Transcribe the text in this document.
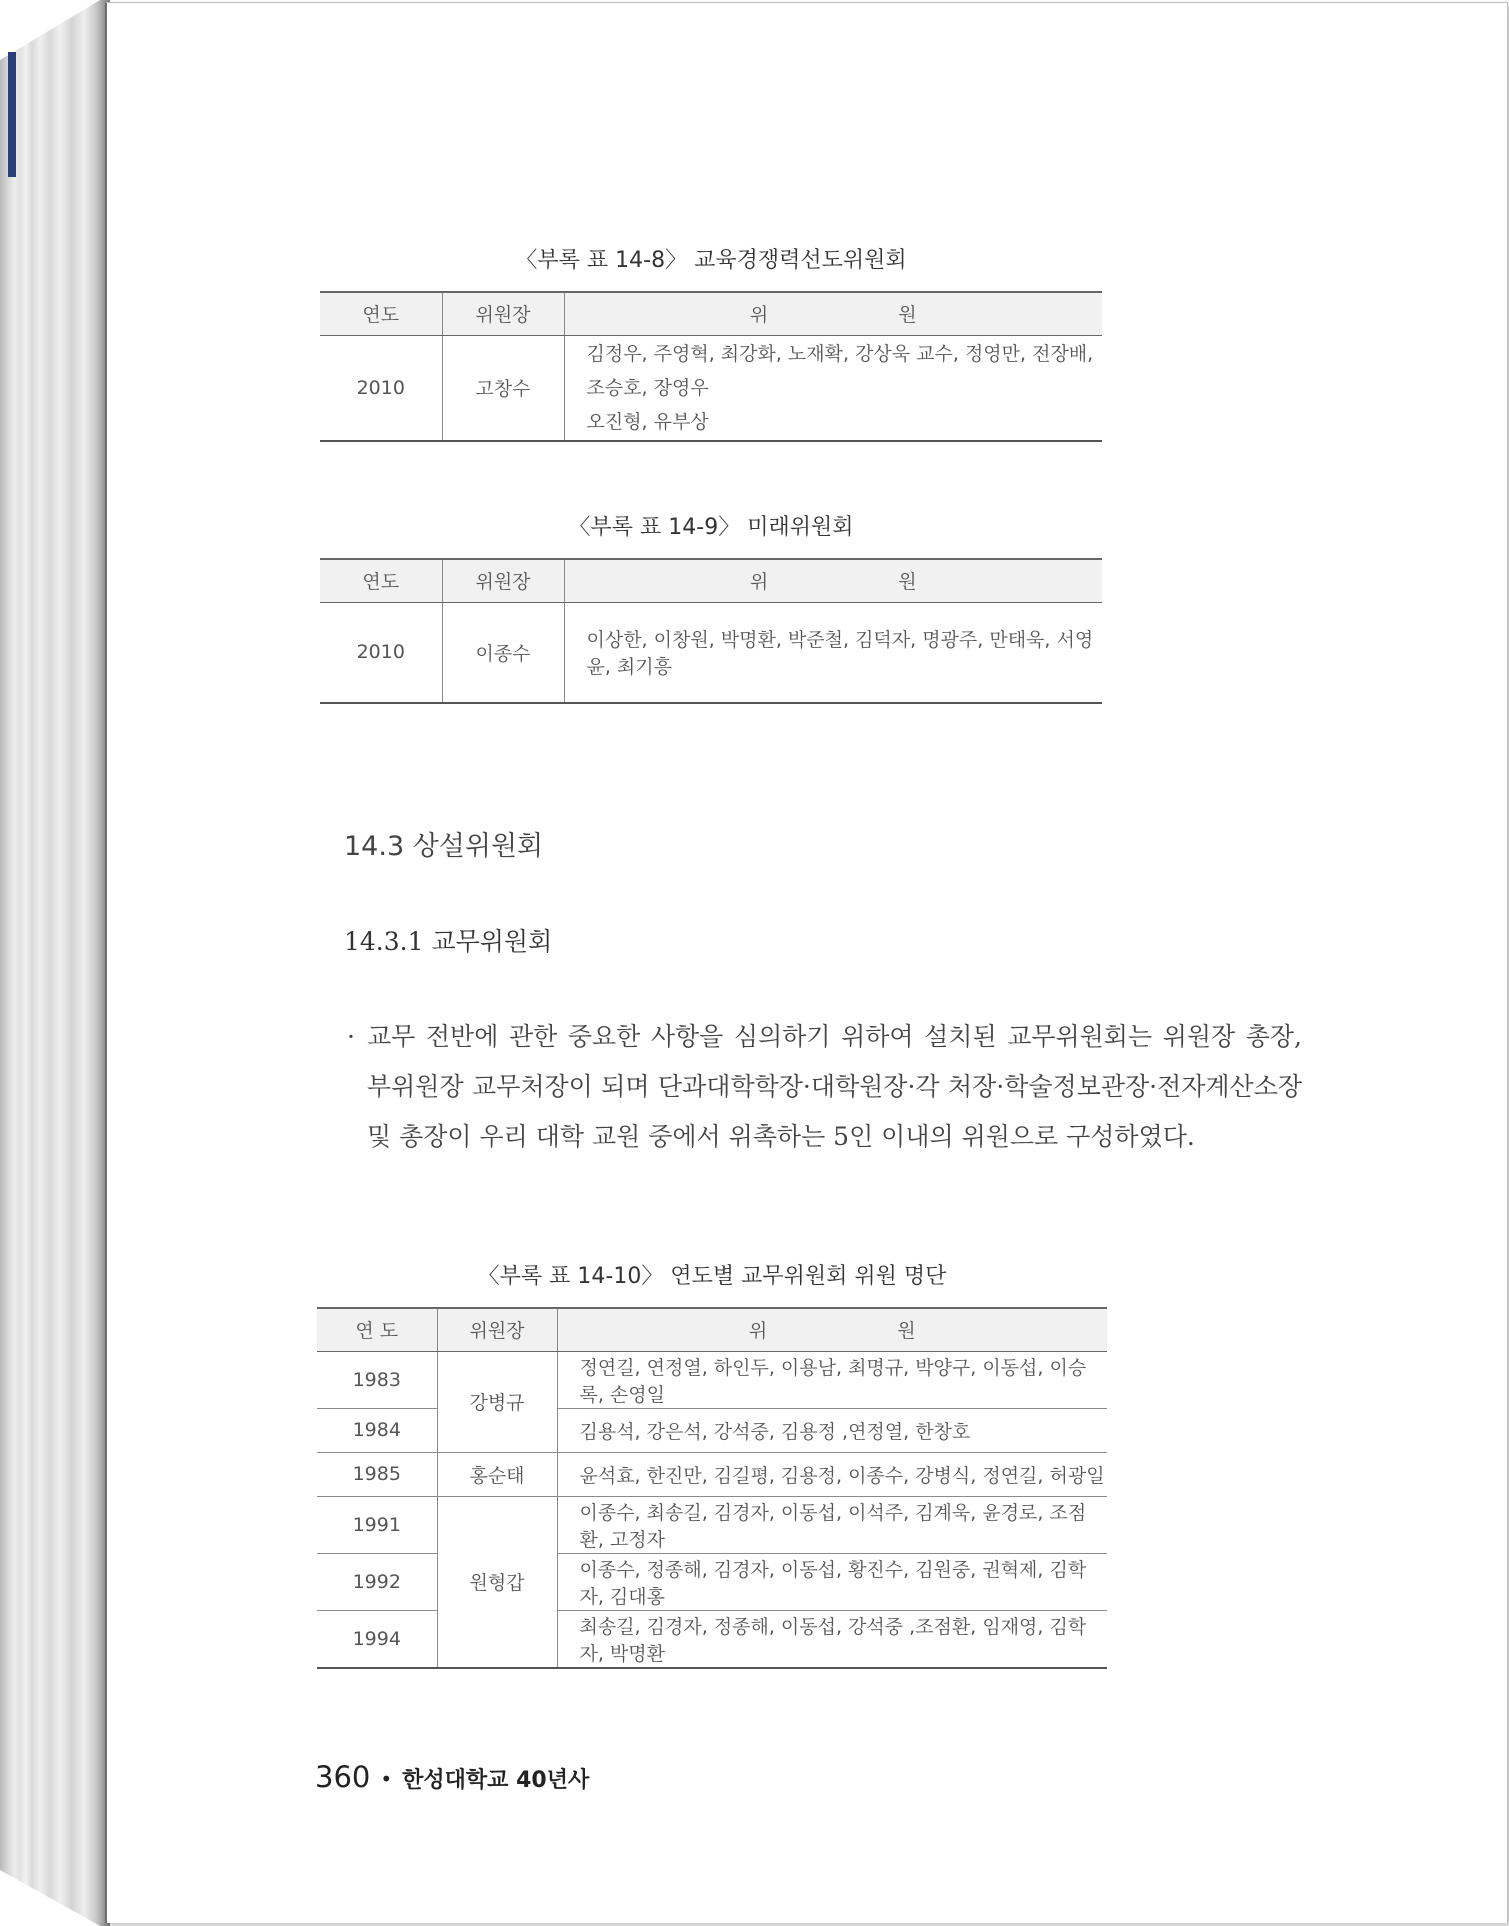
〈부록 표 14-8〉 교육경쟁력선도위원회
연도	위원장	위 원
2010	고창수	김정우, 주영혁, 최강화, 노재확, 강상욱 교수, 정영만, 전장배, 조승호, 장영우
오진형, 유부상
〈부록 표 14-9〉 미래위원회
연도	위원장	위 원
2010	이종수	이상한, 이창원, 박명환, 박준철, 김덕자, 명광주, 만태욱, 서영윤, 최기흥
14.3 상설위원회
14.3.1 교무위원회
· 교무 전반에 관한 중요한 사항을 심의하기 위하여 설치된 교무위원회는 위원장 총장, 부위원장 교무처장이 되며 단과대학학장·대학원장·각 처장·학술정보관장·전자계산소장 및 총장이 우리 대학 교원 중에서 위촉하는 5인 이내의 위원으로 구성하였다.
〈부록 표 14-10〉 연도별 교무위원회 위원 명단
연 도	위원장	위 원
1983	강병규	정연길, 연정열, 하인두, 이용남, 최명규, 박양구, 이동섭, 이승록, 손영일
1984		김용석, 강은석, 강석중, 김용정 ,연정열, 한창호
1985	홍순태	윤석효, 한진만, 김길평, 김용정, 이종수, 강병식, 정연길, 허광일
1991	원형갑	이종수, 최송길, 김경자, 이동섭, 이석주, 김계욱, 윤경로, 조점환, 고정자
1992		이종수, 정종해, 김경자, 이동섭, 황진수, 김원중, 권혁제, 김학자, 김대홍
1994		최송길, 김경자, 정종해, 이동섭, 강석중 ,조점환, 임재영, 김학자, 박명환
360 • 한성대학교 40년사
